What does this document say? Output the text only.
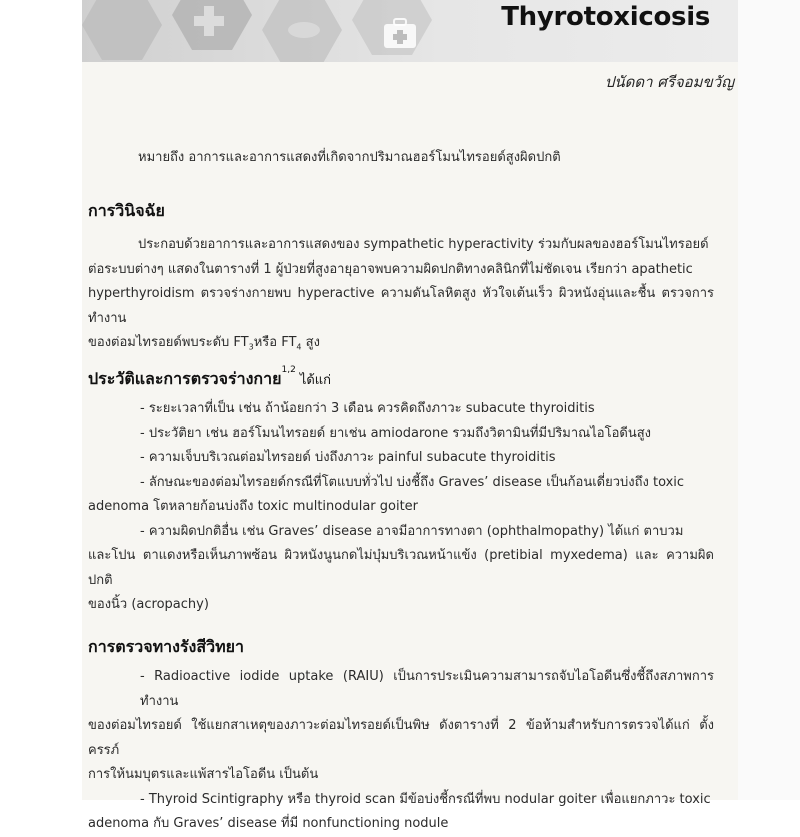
Thyrotoxicosis
ปนัดดา ศรีจอมขวัญ

หมายถึง อาการและอาการแสดงที่เกิดจากปริมาณฮอร์โมนไทรอยด์สูงผิดปกติ

การวินิจฉัย

ประกอบด้วยอาการและอาการแสดงของ sympathetic hyperactivity ร่วมกับผลของฮอร์โมนไทรอยด์

ต่อระบบต่างๆ แสดงในตารางที่ 1 ผู้ป่วยที่สูงอายุอาจพบความผิดปกติทางคลินิกที่ไม่ชัดเจน เรียกว่า apathetic

hyperthyroidism ตรวจร่างกายพบ hyperactive ความดันโลหิตสูง หัวใจเต้นเร็ว ผิวหนังอุ่นและชื้น ตรวจการทำงาน

ของต่อมไทรอยด์พบระดับ $FT_3$หรือ $FT_4$ สูง

ประวัติและการตรวจร่างกาย$^{1,2}$ได้แก่
- ระยะเวลาที่เป็น เช่น ถ้าน้อยกว่า 3 เดือน ควรคิดถึงภาวะ subacute thyroiditis
- ประวัติยา เช่น ฮอร์โมนไทรอยด์ ยาเช่น amiodarone รวมถึงวิตามินที่มีปริมาณไอโอดีนสูง
- ความเจ็บบริเวณต่อมไทรอยด์ บ่งถึงภาวะ painful subacute thyroiditis
- ลักษณะของต่อมไทรอยด์กรณีที่โตแบบทั่วไป บ่งชี้ถึง Graves’ disease เป็นก้อนเดี่ยวบ่งถึง toxic
adenoma โตหลายก้อนบ่งถึง toxic multinodular goiter
- ความผิดปกติอื่น เช่น Graves’ disease อาจมีอาการทางตา (ophthalmopathy) ได้แก่ ตาบวม
และโปน ตาแดงหรือเห็นภาพซ้อน ผิวหนังนูนกดไม่บุ๋มบริเวณหน้าแข้ง (pretibial myxedema) และ ความผิดปกติ
ของนิ้ว (acropachy)
การตรวจทางรังสีวิทยา
- Radioactive iodide uptake (RAIU) เป็นการประเมินความสามารถจับไอโอดีนซึ่งชี้ถึงสภาพการทำงาน
ของต่อมไทรอยด์ ใช้แยกสาเหตุของภาวะต่อมไทรอยด์เป็นพิษ ดังตารางที่ 2 ข้อห้ามสำหรับการตรวจได้แก่ ตั้งครรภ์
การให้นมบุตรและแพ้สารไอโอดีน เป็นต้น
- Thyroid Scintigraphy หรือ thyroid scan มีข้อบ่งชี้กรณีที่พบ nodular goiter เพื่อแยกภาวะ toxic
adenoma กับ Graves’ disease ที่มี nonfunctioning nodule
